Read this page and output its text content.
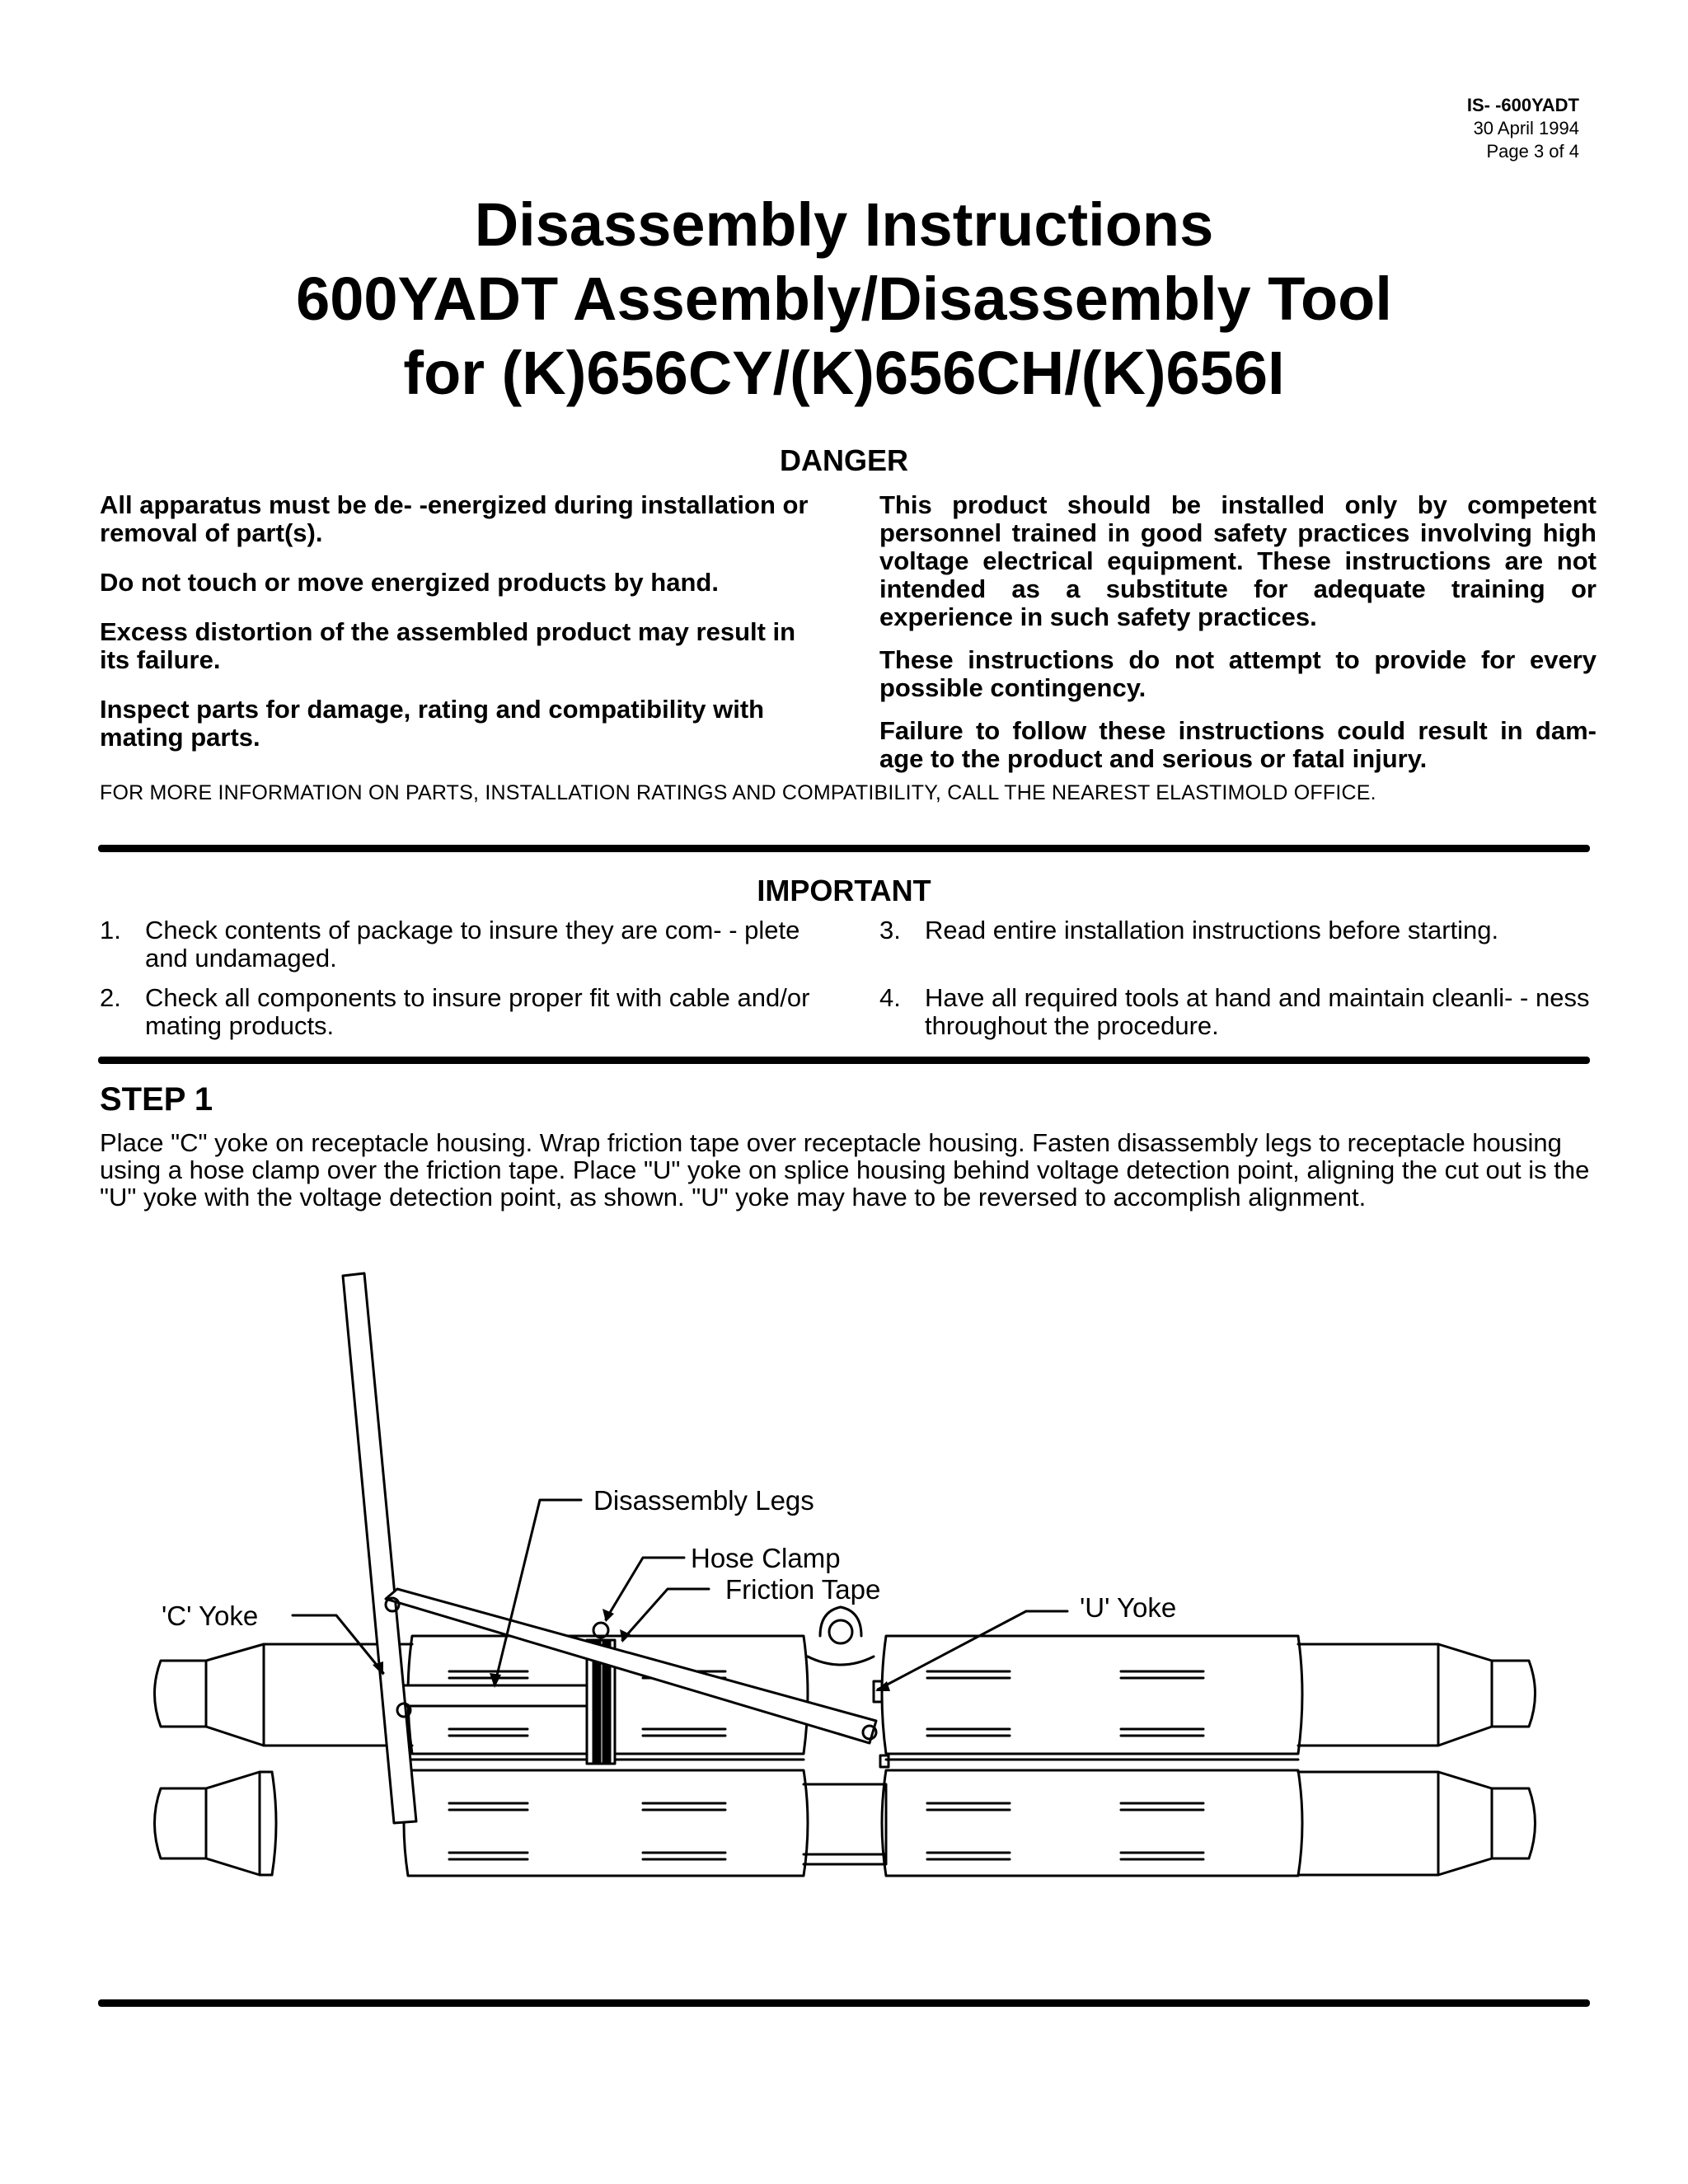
IS- -600YADT
30 April 1994
Page 3 of 4
Disassembly Instructions
600YADT Assembly/Disassembly Tool
for (K)656CY/(K)656CH/(K)656I
DANGER

All apparatus must be de- -energized during installation or removal of part(s).

Do not touch or move energized products by hand.

Excess distortion of the assembled product may result in its failure.

Inspect parts for damage, rating and compatibility with mating parts.

This product should be installed only by competent personnel trained in good safety practices involving high voltage electrical equipment. These instructions are not intended as a substitute for adequate training or experience in such safety practices.

These instructions do not attempt to provide for every possible contingency.

Failure to follow these instructions could result in dam- age to the product and serious or fatal injury.

FOR MORE INFORMATION ON PARTS, INSTALLATION RATINGS AND COMPATIBILITY, CALL THE NEAREST ELASTIMOLD OFFICE.
IMPORTANT
1. Check contents of package to insure they are com- - plete and undamaged.
2. Check all components to insure proper fit with cable and/or mating products.
3. Read entire installation instructions before starting.
4. Have all required tools at hand and maintain cleanli- - ness throughout the procedure.
STEP 1
Place "C" yoke on receptacle housing. Wrap friction tape over receptacle housing. Fasten disassembly legs to receptacle housing using a hose clamp over the friction tape. Place "U" yoke on splice housing behind voltage detection point, aligning the cut out is the "U" yoke with the voltage detection point, as shown. "U" yoke may have to be reversed to accomplish alignment.
Disassembly Legs
Hose Clamp
Friction Tape
'C' Yoke	'U' Yoke
